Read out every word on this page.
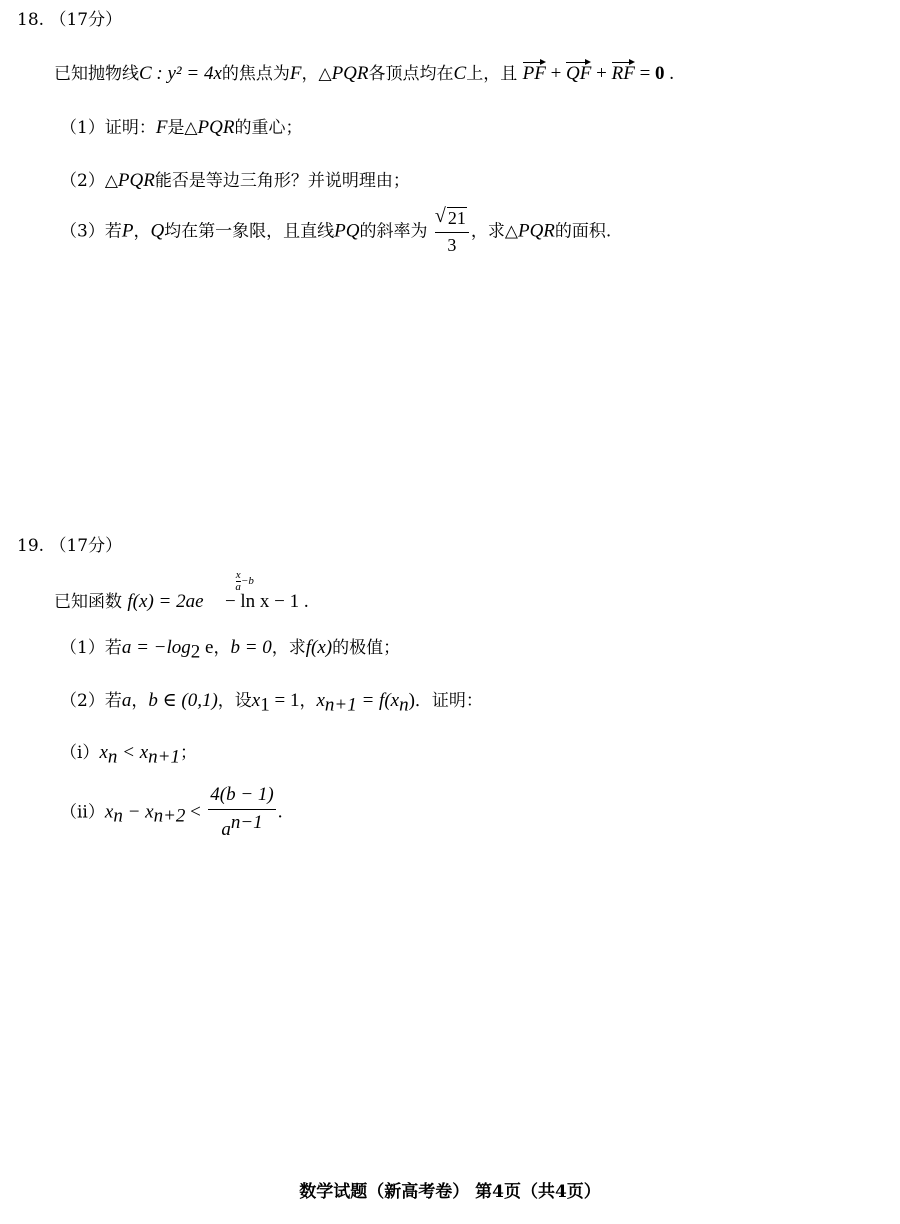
18. （17分）
已知抛物线C : y² = 4x的焦点为F，△PQR各顶点均在C上，且 PF + QF + RF = 0 .
（1）证明：F是△PQR的重心；
（2）△PQR能否是等边三角形？并说明理由；
（3）若P，Q均在第一象限，且直线PQ的斜率为
√ $\frac{21}{3}$ ，求△PQR的面积.
19. （17分）
已知函数 f(x) = 2ae
$\frac{x}{a} -b$
− ln x − 1 .
（1）若$a = -\log_2$ e，b = 0，求f(x)的极值；
（2）若a，b ∈ (0,1)，设$x_1 = 1$，$x_{n+1} = f(x_n)$．证明：
$(i)x_n < x_{n+1}$；
$(ii)x_n - x_{n+2} < \frac{4(b - 1)}{a^{n-1}}$ .
数学试题（新高考卷） 第4页（共4页）
